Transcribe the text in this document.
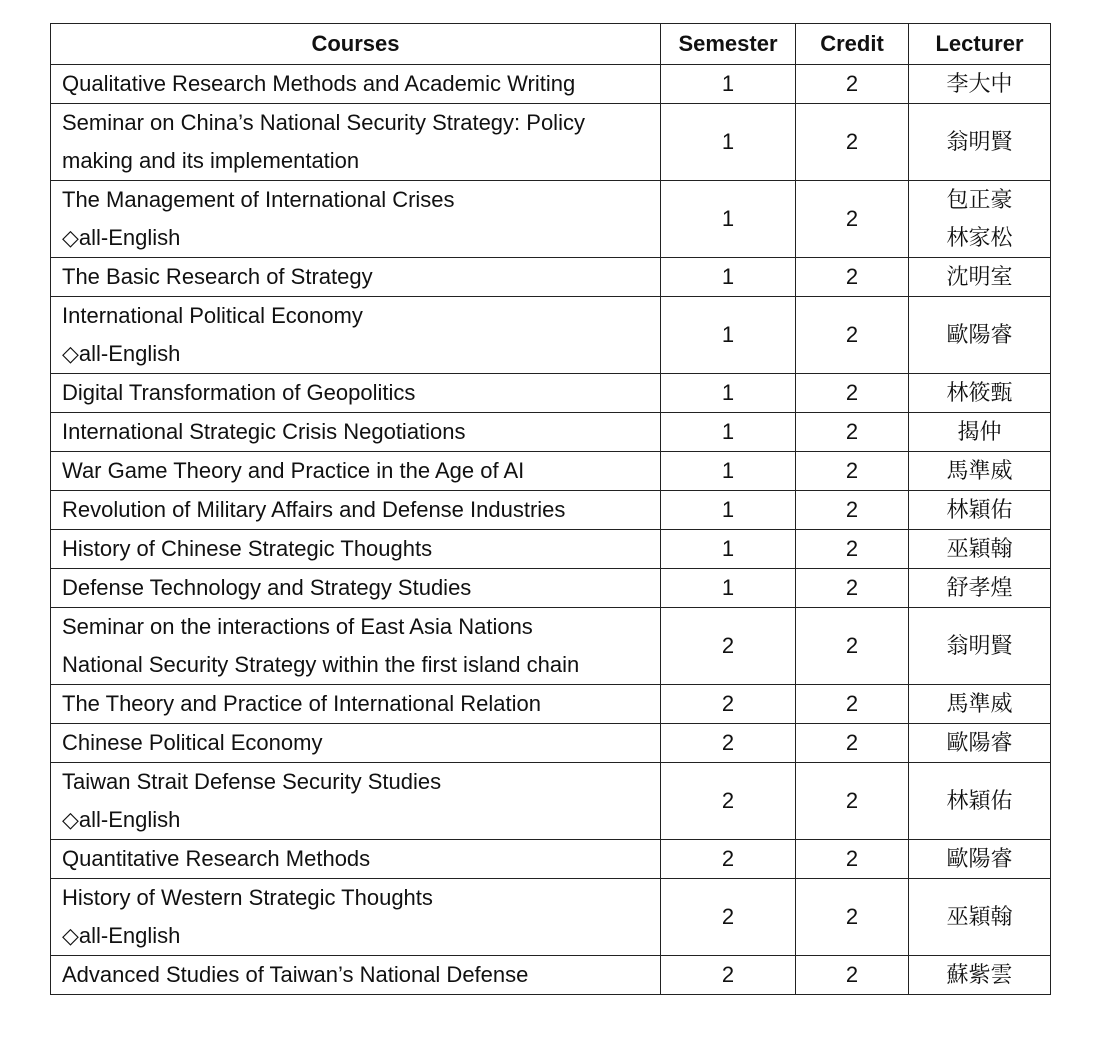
Courses	Semester	Credit	Lecturer

Qualitative Research Methods and Academic Writing	1	2	李大中

Seminar on China’s National Security Strategy: Policy
making and its implementation	1	2	翁明賢

The Management of International Crises
◇all-English	1	2	包正豪
林家松

The Basic Research of Strategy	1	2	沈明室

International Political Economy
◇all-English	1	2	歐陽睿

Digital Transformation of Geopolitics	1	2	林筱甄

International Strategic Crisis Negotiations	1	2	揭仲

War Game Theory and Practice in the Age of AI	1	2	馬準威

Revolution of Military Affairs and Defense Industries	1	2	林穎佑

History of Chinese Strategic Thoughts	1	2	巫穎翰

Defense Technology and Strategy Studies	1	2	舒孝煌

Seminar on the interactions of East Asia Nations
National Security Strategy within the first island chain	2	2	翁明賢

The Theory and Practice of International Relation	2	2	馬準威

Chinese Political Economy	2	2	歐陽睿

Taiwan Strait Defense Security Studies
◇all-English	2	2	林穎佑

Quantitative Research Methods	2	2	歐陽睿

History of Western Strategic Thoughts
◇all-English	2	2	巫穎翰

Advanced Studies of Taiwan’s National Defense	2	2	蘇紫雲
